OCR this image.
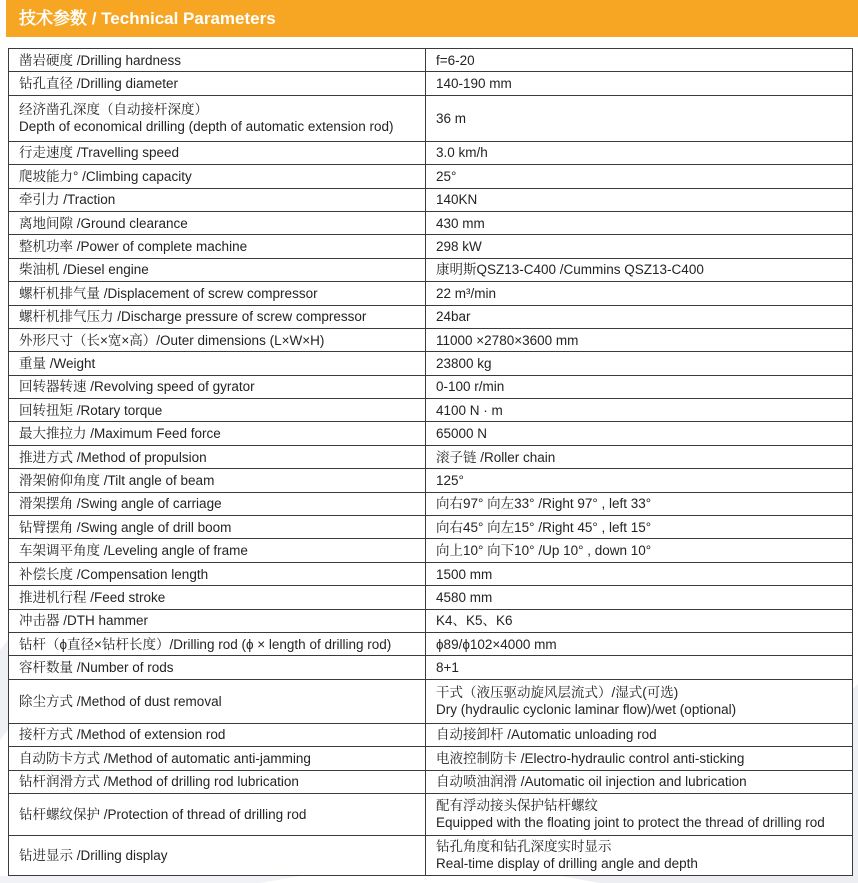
技术参数 / Technical Parameters
凿岩硬度 /Drilling hardness	f=6-20
钻孔直径 /Drilling diameter	140-190 mm

经济凿孔深度（自动接杆深度）
Depth of economical drilling (depth of automatic extension rod)	36 m
行走速度 /Travelling speed	3.0 km/h
爬坡能力° /Climbing capacity	25°
牵引力 /Traction	140KN
离地间隙 /Ground clearance	430 mm
整机功率 /Power of complete machine	298 kW
柴油机 /Diesel engine	康明斯QSZ13-C400 /Cummins QSZ13-C400
螺杆机排气量 /Displacement of screw compressor	22 m³/min
螺杆机排气压力 /Discharge pressure of screw compressor	24bar
外形尺寸（长×宽×高）/Outer dimensions (L×W×H)	11000 ×2780×3600 mm
重量 /Weight	23800 kg
回转器转速 /Revolving speed of gyrator	0-100 r/min
回转扭矩 /Rotary torque	4100 N · m
最大推拉力 /Maximum Feed force	65000 N
推进方式 /Method of propulsion	滚子链 /Roller chain
滑架俯仰角度 /Tilt angle of beam	125°
滑架摆角 /Swing angle of carriage	向右97° 向左33° /Right 97° , left 33°
钻臂摆角 /Swing angle of drill boom	向右45° 向左15° /Right 45° , left 15°
车架调平角度 /Leveling angle of frame	向上10° 向下10° /Up 10° , down 10°
补偿长度 /Compensation length	1500 mm
推进机行程 /Feed stroke	4580 mm
冲击器 /DTH hammer	K4、K5、K6
钻杆（ϕ直径×钻杆长度）/Drilling rod (ϕ × length of drilling rod)	ϕ89/ϕ102×4000 mm
容杆数量 /Number of rods	8+1
除尘方式 /Method of dust removal	干式（液压驱动旋风层流式）/湿式(可选)
Dry (hydraulic cyclonic laminar flow)/wet (optional)

接杆方式 /Method of extension rod	自动接卸杆 /Automatic unloading rod
自动防卡方式 /Method of automatic anti-jamming	电液控制防卡 /Electro-hydraulic control anti-sticking
钻杆润滑方式 /Method of drilling rod lubrication	自动喷油润滑 /Automatic oil injection and lubrication
钻杆螺纹保护 /Protection of thread of drilling rod	配有浮动接头保护钻杆螺纹
Equipped with the floating joint to protect the thread of drilling rod

钻进显示 /Drilling display	钻孔角度和钻孔深度实时显示
Real-time display of drilling angle and depth
